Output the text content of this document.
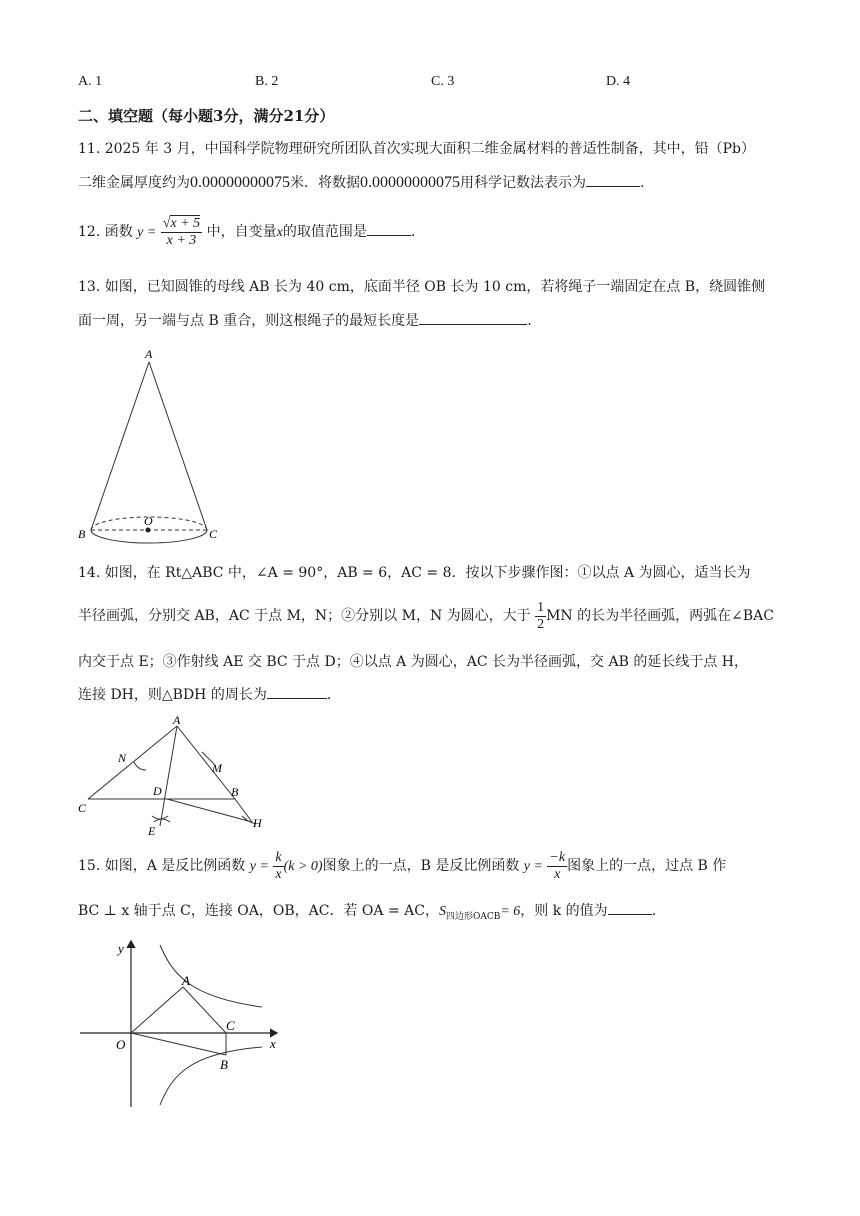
A. 1	B. 2	C. 3	D. 4
二、填空题（每小题3分，满分21分）
11. 2025 年 3 月，中国科学院物理研究所团队首次实现大面积二维金属材料的普适性制备，其中，铅（Pb）
二维金属厚度约为0.00000000075米．将数据0.00000000075用科学记数法表示为	.
12. 函数 $y = \frac{√x + 5}{x + 3}$ 中，自变量x的取值范围是	.
13. 如图，已知圆锥的母线 AB 长为 40 cm，底面半径 OB 长为 10 cm，若将绳子一端固定在点 B，绕圆锥侧
面一周，另一端与点 B 重合，则这根绳子的最短长度是	.
A
B
O
C
14. 如图，在 Rt△ABC 中，∠A = 90°，AB = 6，AC = 8．按以下步骤作图：①以点 A 为圆心，适当长为
半径画弧，分别交 AB，AC 于点 M，N；②分别以 M，N 为圆心，大于 $\frac{1}{2}$ MN 的长为半径画弧，两弧在∠BAC
内交于点 E；③作射线 AE 交 BC 于点 D；④以点 A 为圆心，AC 长为半径画弧，交 AB 的延长线于点 H，
连接 DH，则△BDH 的周长为	.
A
N
M
C
D	B
E
H
15. 如图，A 是反比例函数 $y = \frac{k}{x} (k > 0)$图象上的一点，B 是反比例函数 $y = \frac{-k}{x}$ 图象上的一点，过点 B 作
BC ⊥ x 轴于点 C，连接 OA，OB，AC．若 OA = AC，$S_{四边形OACB}= 6$，则 k 的值为	.
y
x
O
A
C
B
